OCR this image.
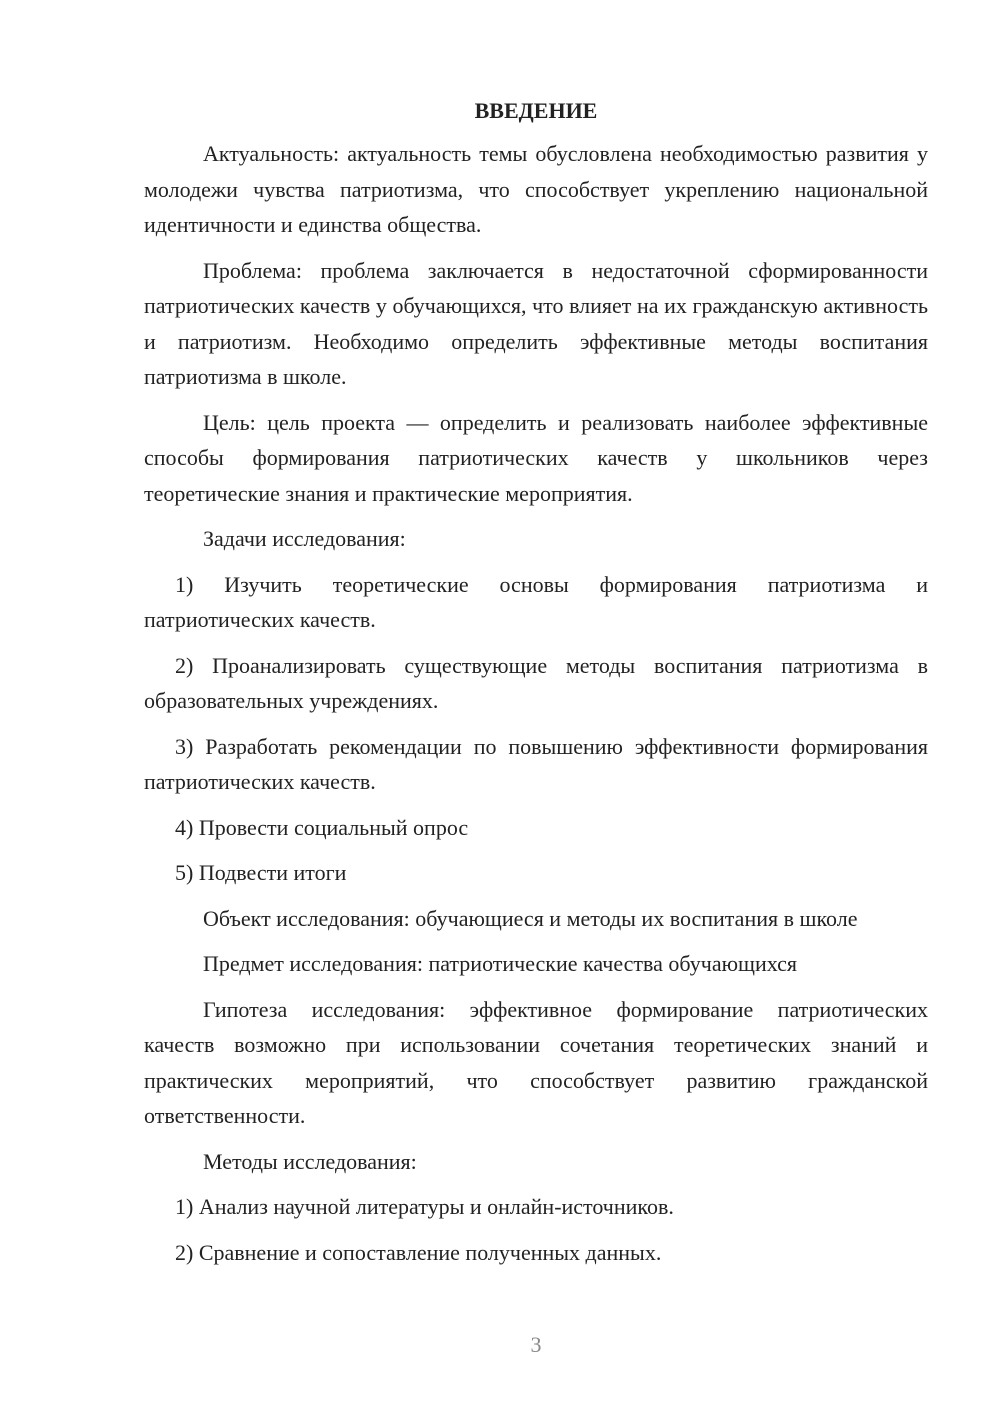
ВВЕДЕНИЕ

Актуальность: актуальность темы обусловлена необходимостью развития у молодежи чувства патриотизма, что способствует укреплению национальной идентичности и единства общества.

Проблема: проблема заключается в недостаточной сформированности патриотических качеств у обучающихся, что влияет на их гражданскую активность и патриотизм. Необходимо определить эффективные методы воспитания патриотизма в школе.

Цель: цель проекта — определить и реализовать наиболее эффективные способы формирования патриотических качеств у школьников через теоретические знания и практические мероприятия.

Задачи исследования:

1) Изучить теоретические основы формирования патриотизма и патриотических качеств.

2) Проанализировать существующие методы воспитания патриотизма в образовательных учреждениях.

3) Разработать рекомендации по повышению эффективности формирования патриотических качеств.

4) Провести социальный опрос

5) Подвести итоги

Объект исследования: обучающиеся и методы их воспитания в школе

Предмет исследования: патриотические качества обучающихся

Гипотеза исследования: эффективное формирование патриотических качеств возможно при использовании сочетания теоретических знаний и практических мероприятий, что способствует развитию гражданской ответственности.

Методы исследования:

1) Анализ научной литературы и онлайн-источников.

2) Сравнение и сопоставление полученных данных.

3
